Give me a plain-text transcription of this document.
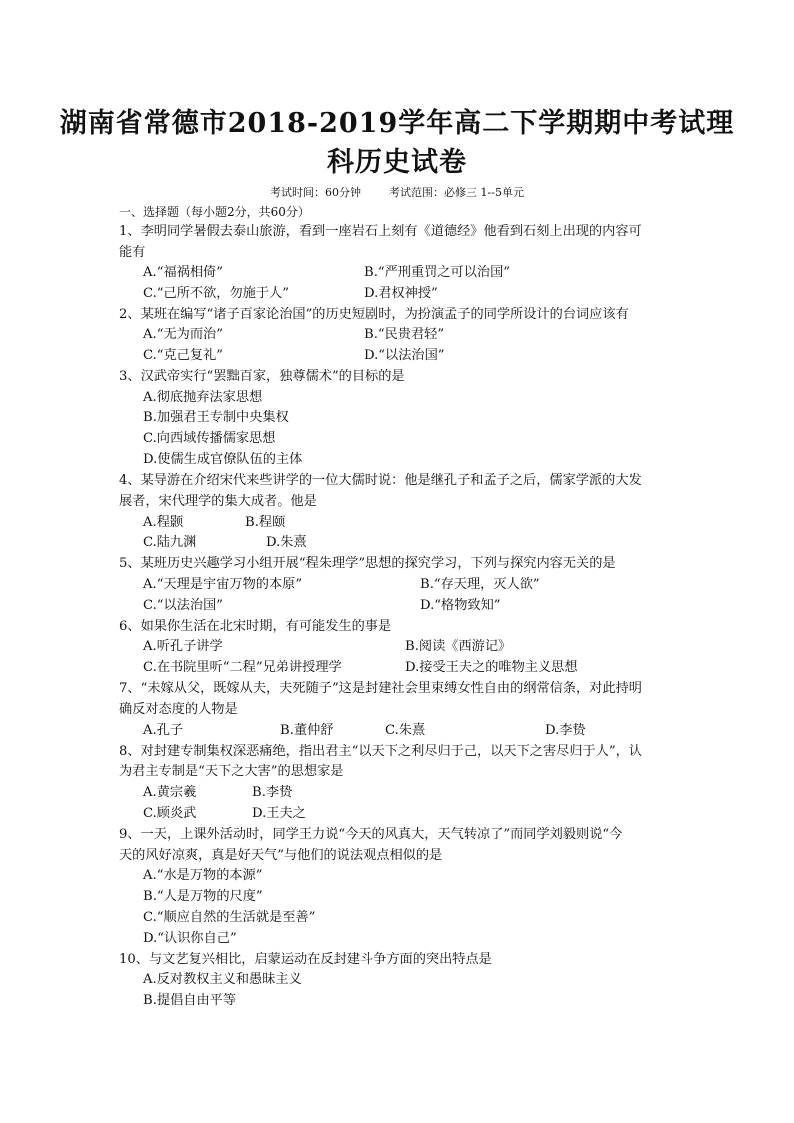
湖南省常德市2018-2019学年高二下学期期中考试理
科历史试卷
考试时间：60分钟	考试范围：必修三 1--5单元
一、选择题（每小题2分，共60分）
1、李明同学暑假去泰山旅游，看到一座岩石上刻有《道德经》他看到石刻上出现的内容可
能有
A.“福祸相倚”	B.“严刑重罚之可以治国”
C.“己所不欲，勿施于人”	D.君权神授”
2、某班在编写“诸子百家论治国”的历史短剧时，为扮演孟子的同学所设计的台词应该有
A.“无为而治”	B.“民贵君轻”
C.“克己复礼”	D.“以法治国”
3、汉武帝实行“罢黜百家，独尊儒术”的目标的是
A.彻底抛弃法家思想
B.加强君王专制中央集权
C.向西域传播儒家思想
D.使儒生成官僚队伍的主体
4、某导游在介绍宋代来些讲学的一位大儒时说：他是继孔子和孟子之后，儒家学派的大发
展者，宋代理学的集大成者。他是
A.程颢	B.程颐
C.陆九渊	D.朱熹
5、某班历史兴趣学习小组开展“程朱理学”思想的探究学习，下列与探究内容无关的是
A.“天理是宇宙万物的本原”	B.“存天理，灭人欲”
C.“以法治国”	D.“格物致知”
6、如果你生活在北宋时期，有可能发生的事是
A.听孔子讲学	B.阅读《西游记》
C.在书院里听“二程”兄弟讲授理学	D.接受王夫之的唯物主义思想
7、“未嫁从父，既嫁从夫，夫死随子”这是封建社会里束缚女性自由的纲常信条，对此持明
确反对态度的人物是
A.孔子	B.董仲舒	C.朱熹	D.李贽
8、对封建专制集权深恶痛绝，指出君主“以天下之利尽归于己，以天下之害尽归于人”，认
为君主专制是“天下之大害”的思想家是
A.黄宗羲	B.李贽
C.顾炎武	D.王夫之
9、一天，上课外活动时，同学王力说“今天的风真大，天气转凉了”而同学刘毅则说“今
天的风好凉爽，真是好天气”与他们的说法观点相似的是
A.“水是万物的本源”
B.“人是万物的尺度”
C.“顺应自然的生活就是至善”
D.“认识你自己”
10、与文艺复兴相比，启蒙运动在反封建斗争方面的突出特点是
A.反对教权主义和愚昧主义
B.提倡自由平等
